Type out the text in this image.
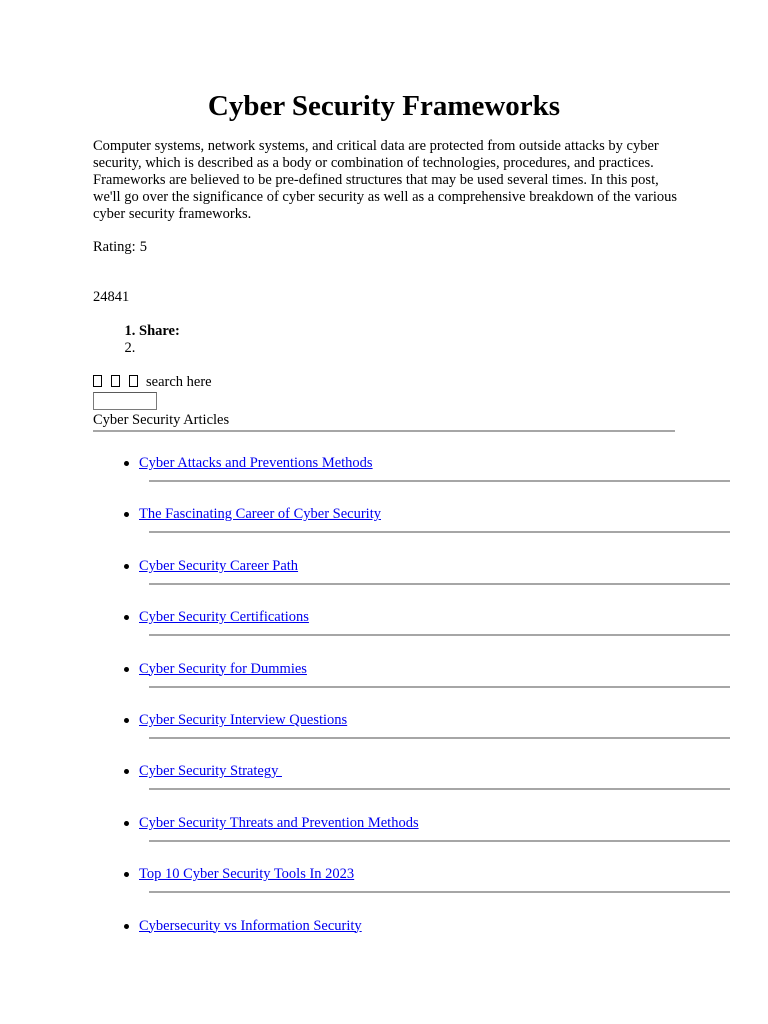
Cyber Security Frameworks

Computer systems, network systems, and critical data are protected from outside attacks by cyber security, which is described as a body or combination of technologies, procedures, and practices. Frameworks are believed to be pre-defined structures that may be used several times. In this post, we'll go over the significance of cyber security as well as a comprehensive breakdown of the various cyber security frameworks.

Rating: 5

24841

1. Share:
2.
search here
Cyber Security Articles
Cyber Attacks and Preventions Methods
The Fascinating Career of Cyber Security
Cyber Security Career Path
Cyber Security Certifications
Cyber Security for Dummies
Cyber Security Interview Questions
Cyber Security Strategy
Cyber Security Threats and Prevention Methods
Top 10 Cyber Security Tools In 2023
Cybersecurity vs Information Security
